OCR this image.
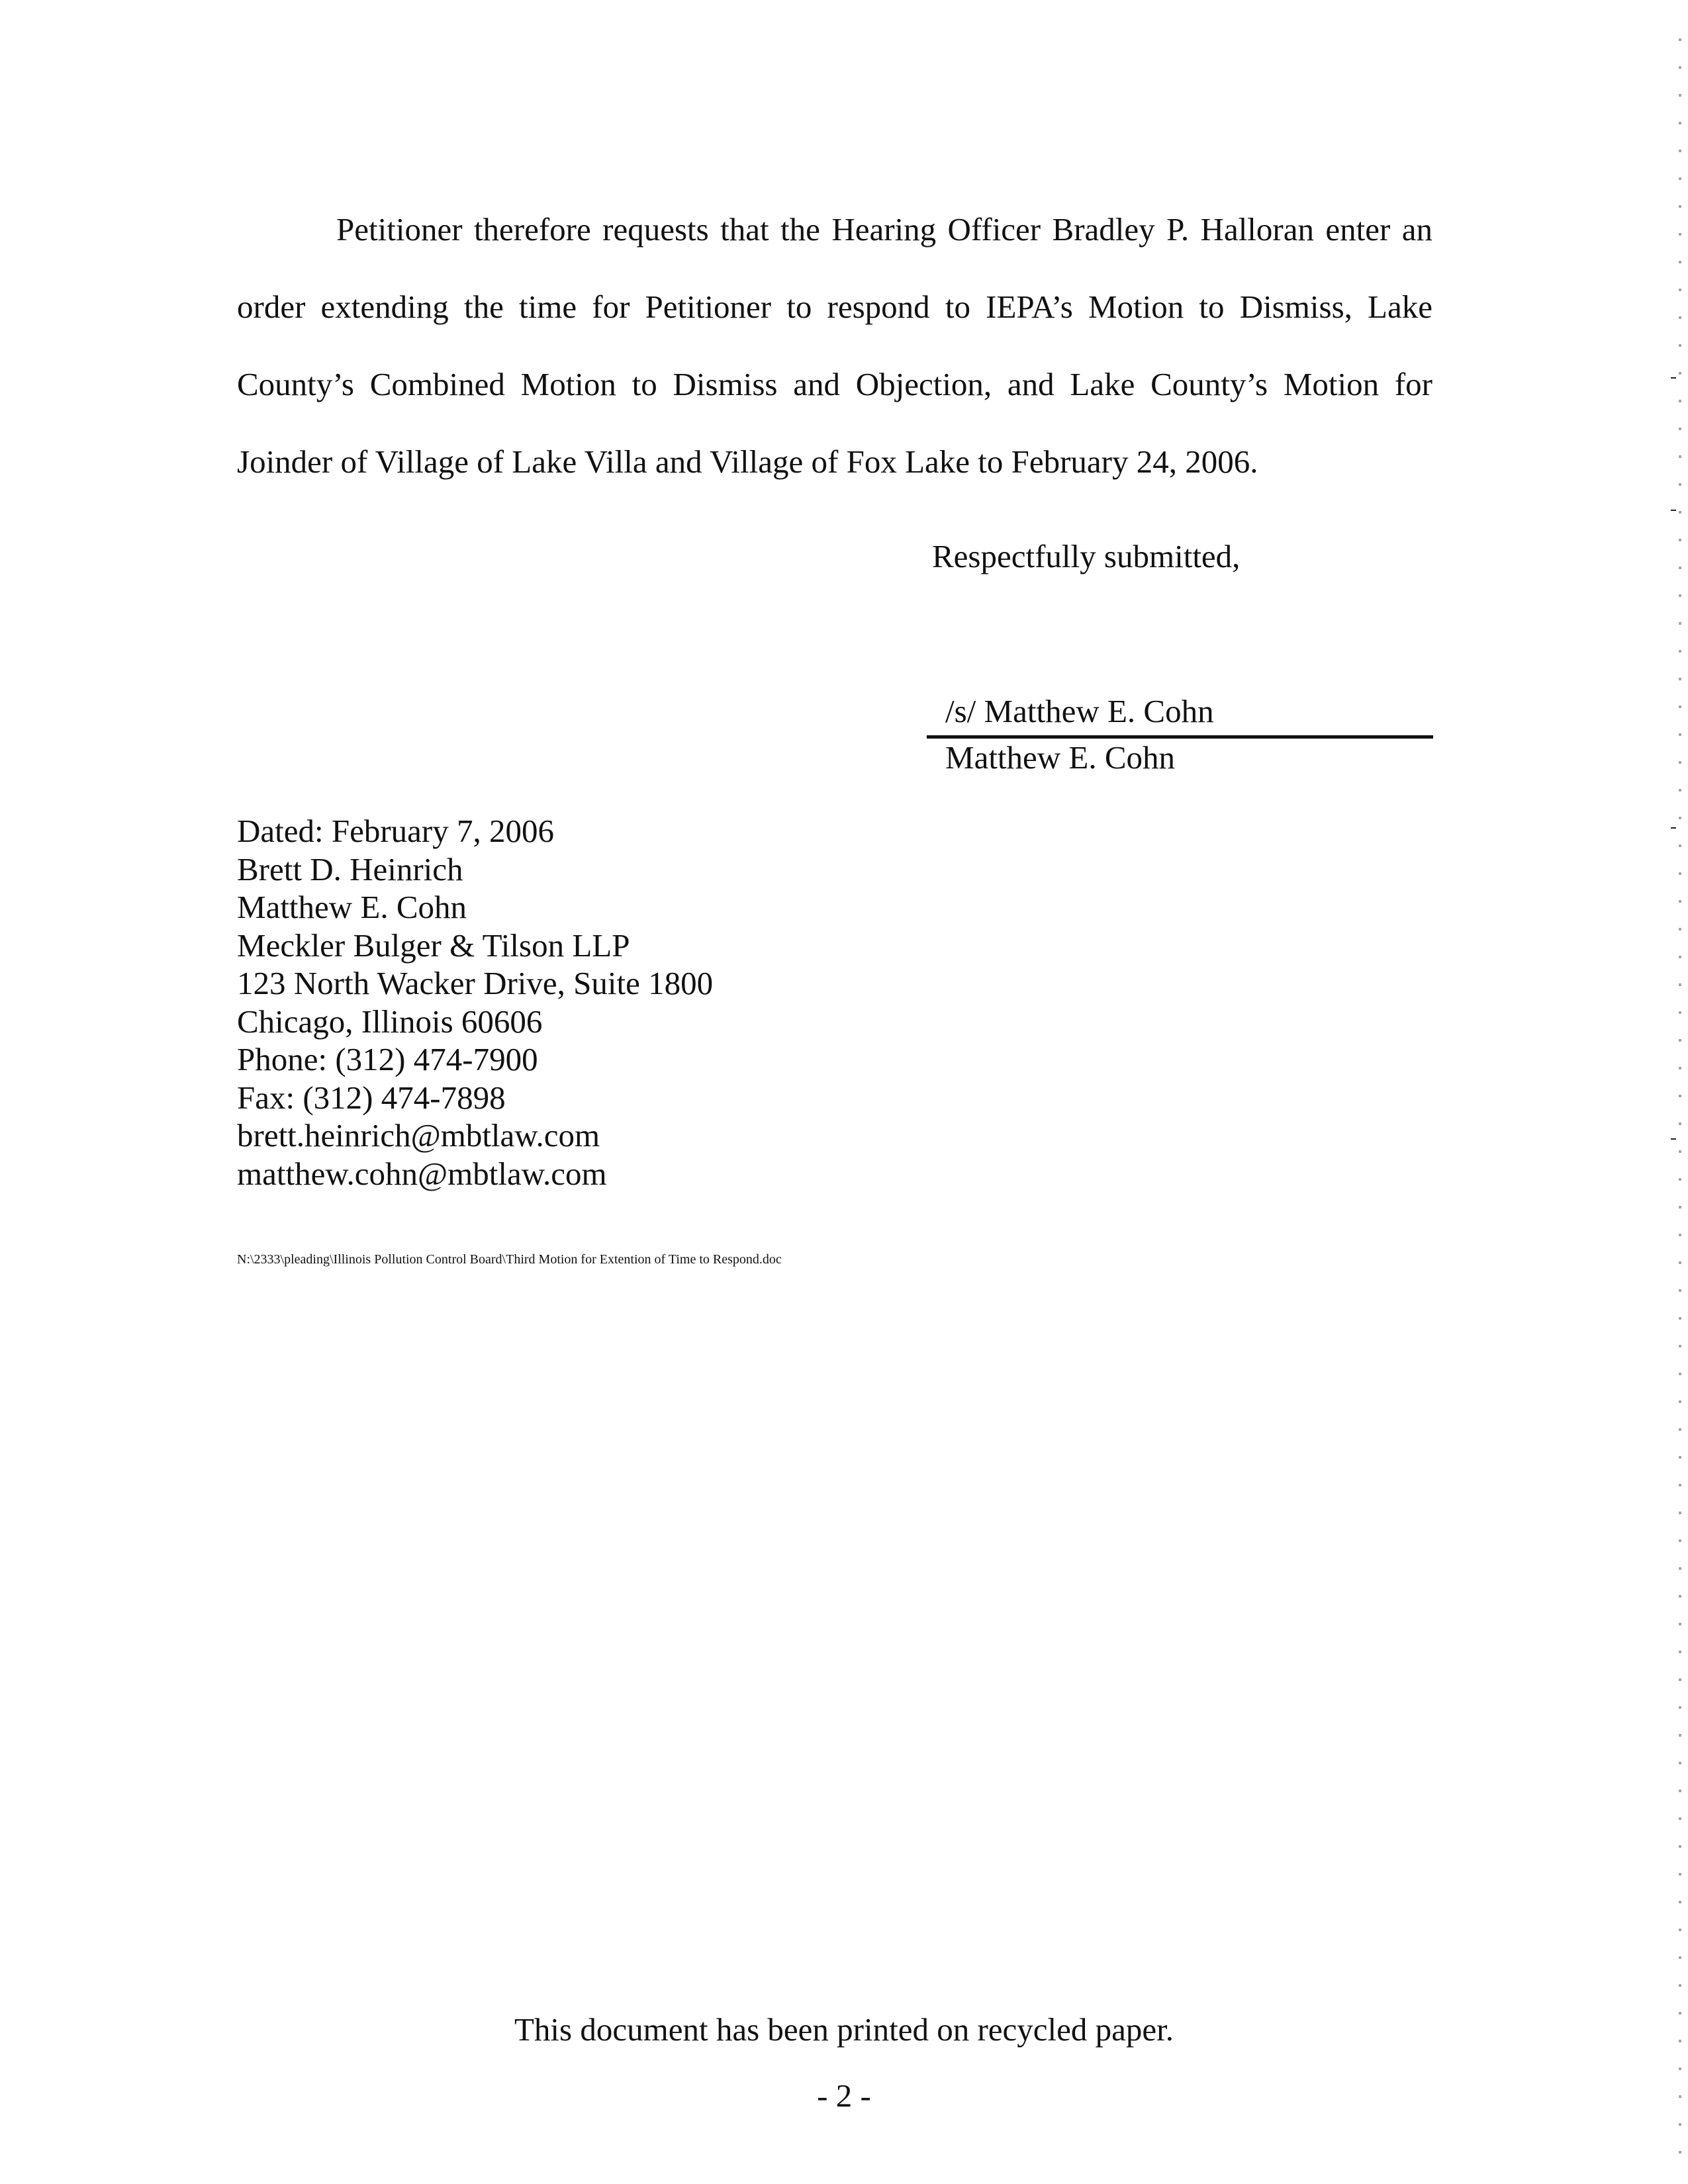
Petitioner therefore requests that the Hearing Officer Bradley P. Halloran enter an order extending the time for Petitioner to respond to IEPA’s Motion to Dismiss, Lake County’s Combined Motion to Dismiss and Objection, and Lake County’s Motion for Joinder of Village of Lake Villa and Village of Fox Lake to February 24, 2006.

Respectfully submitted,

/s/ Matthew E. Cohn

Matthew E. Cohn

Dated: February 7, 2006
Brett D. Heinrich
Matthew E. Cohn
Meckler Bulger & Tilson LLP
123 North Wacker Drive, Suite 1800
Chicago, Illinois 60606
Phone: (312) 474-7900
Fax: (312) 474-7898
brett.heinrich@mbtlaw.com
matthew.cohn@mbtlaw.com

N:\2333\pleading\Illinois Pollution Control Board\Third Motion for Extention of Time to Respond.doc

This document has been printed on recycled paper.

- 2 -
